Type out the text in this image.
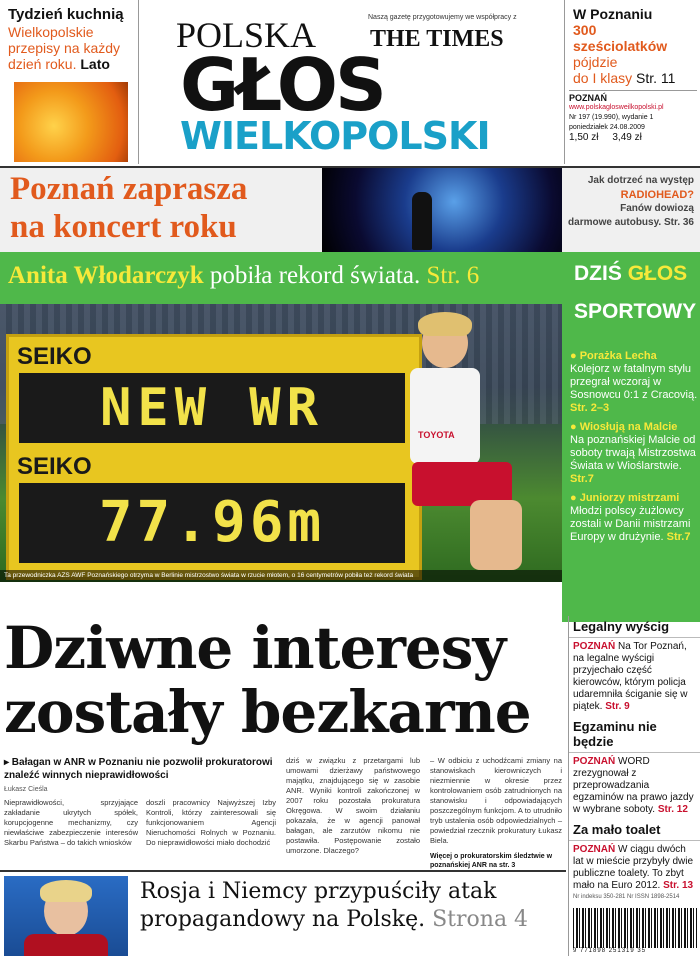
Tydzień kuchnią
Wielkopolskie
przepisy na każdy
dzień roku. Lato
Naszą gazetę przygotowujemy we współpracy z
POLSKA THE TIMES
GŁOS
WIELKOPOLSKI
W Poznaniu
300
sześciolatków
pójdzie
do I klasy Str. 11
POZNAŃ
www.polskaglosweilkopolski.pl
Nr 197 (19.990), wydanie 1
poniedziałek 24.08.2009
1,50 zł 3,49 zł
Poznań zaprasza
na koncert roku
Jak dotrzeć na występ
RADIOHEAD?
Fanów dowiozą
darmowe autobusy. Str. 36
Anita Włodarczyk pobiła rekord świata. Str. 6
SEIKO
NEW WR
SEIKO
77.96m
TOYOTA
Ta przewodniczka AZS AWF Poznańskiego otrzyma w Berlinie mistrzostwo świata w rzucie młotem, o 16 centymetrów pobiła też rekord świata
DZIŚ GŁOS
SPORTOWY
● Porażka Lecha
Kolejorz w fatalnym stylu przegrał wczoraj w Sosnowcu 0:1 z Cracovią. Str. 2–3
● Wiosłują na Malcie
Na poznańskiej Malcie od soboty trwają Mistrzostwa Świata w Wioślarstwie. Str.7
● Juniorzy mistrzami
Młodzi polscy żużlowcy zostali w Danii mistrzami Europy w drużynie. Str.7
Dziwne interesy
zostały bezkarne
▸ Bałagan w ANR w Poznaniu nie pozwolił prokuratorowi znaleźć winnych nieprawidłowości
Łukasz Cieśla
Nieprawidłowości, sprzyjające zakładanie ukrytych spółek, korupcjogenne mechanizmy, czy niewłaściwe zabezpieczenie interesów Skarbu Państwa – do takich wniosków
doszli pracownicy Najwyższej Izby Kontroli, którzy zainteresowali się funkcjonowaniem Agencji Nieruchomości Rolnych w Poznaniu. Do nieprawidłowości miało dochodzić
dziś w związku z przetargami lub umowami dzierżawy państwowego majątku, znajdującego się w zasobie ANR. Wyniki kontroli zakończonej w 2007 roku pozostała prokuratura Okręgowa. W swoim działaniu pokazała, że w agencji panował bałagan, ale zarzutów nikomu nie postawiła. Postępowanie zostało umorzone. Dlaczego?
– W odbiciu z uchodźcami zmiany na stanowiskach kierowniczych i niezmiennie w okresie przez kontrolowaniem osób zatrudnionych na stanowisku i odpowiadających poszczególnym funkcjom. A to utrudniło tryb ustalenia osób odpowiedzialnych – powiedział rzecznik prokuratury Łukasz Biela.
Więcej o prokuratorskim śledztwie w poznańskiej ANR na str. 3
Legalny wyścig
POZNAŃ Na Tor Poznań, na legalne wyścigi przyjechało część kierowców, którym policja udaremniła ściganie się w piątek. Str. 9
Egzaminu nie będzie
POZNAŃ WORD zrezygnował z przeprowadzania egzaminów na prawo jazdy w wybrane soboty. Str. 12
Za mało toalet
POZNAŃ W ciągu dwóch lat w mieście przybyły dwie publiczne toalety. To zbyt mało na Euro 2012. Str. 13
Nr indeksu 350-281 Nr ISSN 1898-2514
9 771898 251319 35
Rosja i Niemcy przypuściły atak
propagandowy na Polskę. Strona 4
